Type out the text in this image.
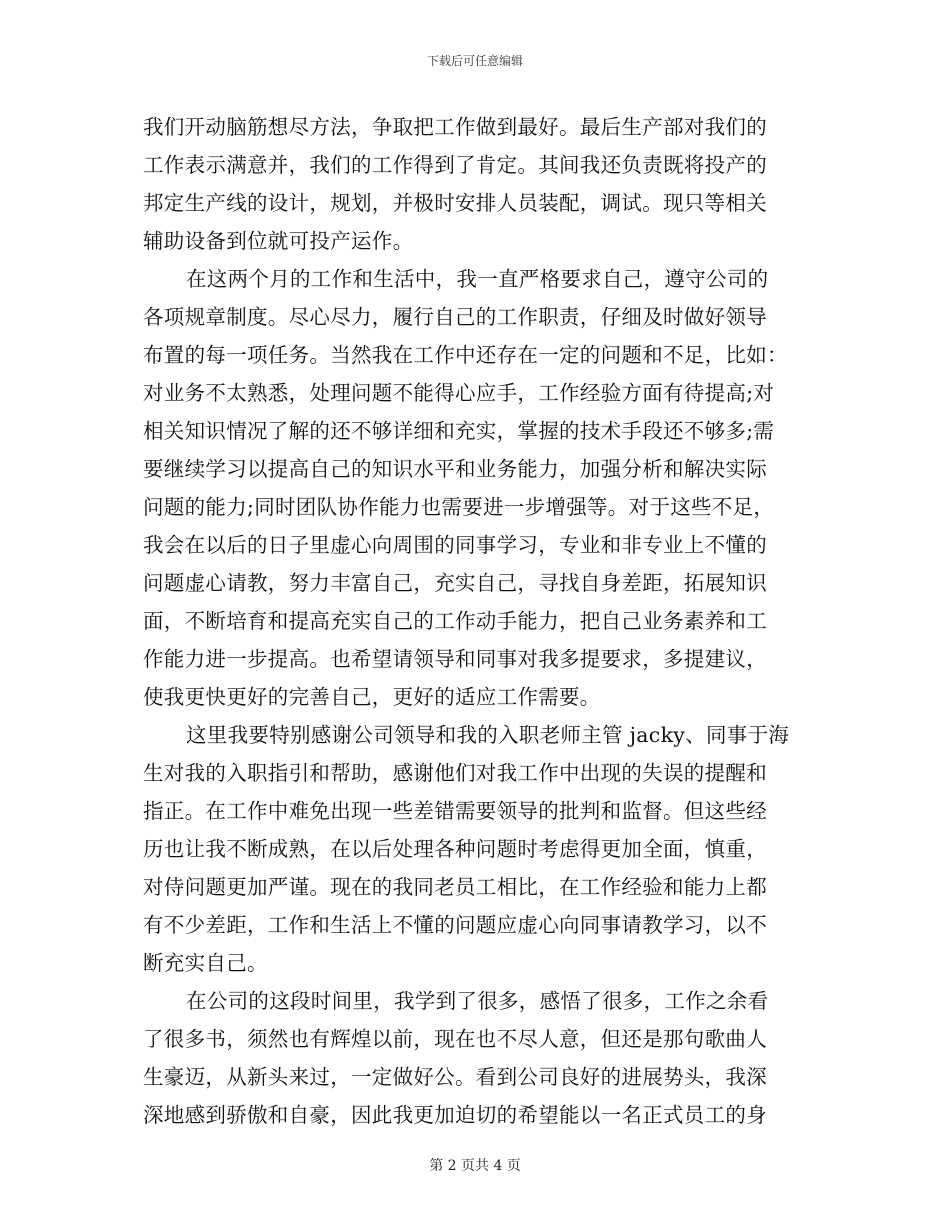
下载后可任意编辑
我们开动脑筋想尽方法，争取把工作做到最好。最后生产部对我们的
工作表示满意并，我们的工作得到了肯定。其间我还负责既将投产的
邦定生产线的设计，规划，并极时安排人员装配，调试。现只等相关
辅助设备到位就可投产运作。
在这两个月的工作和生活中，我一直严格要求自己，遵守公司的
各项规章制度。尽心尽力，履行自己的工作职责，仔细及时做好领导
布置的每一项任务。当然我在工作中还存在一定的问题和不足，比如：
对业务不太熟悉，处理问题不能得心应手，工作经验方面有待提高;对
相关知识情况了解的还不够详细和充实，掌握的技术手段还不够多;需
要继续学习以提高自己的知识水平和业务能力，加强分析和解决实际
问题的能力;同时团队协作能力也需要进一步增强等。对于这些不足，
我会在以后的日子里虚心向周围的同事学习，专业和非专业上不懂的
问题虚心请教，努力丰富自己，充实自己，寻找自身差距，拓展知识
面，不断培育和提高充实自己的工作动手能力，把自己业务素养和工
作能力进一步提高。也希望请领导和同事对我多提要求，多提建议，
使我更快更好的完善自己，更好的适应工作需要。
这里我要特别感谢公司领导和我的入职老师主管 jacky、同事于海
生对我的入职指引和帮助，感谢他们对我工作中出现的失误的提醒和
指正。在工作中难免出现一些差错需要领导的批判和监督。但这些经
历也让我不断成熟，在以后处理各种问题时考虑得更加全面，慎重，
对侍问题更加严谨。现在的我同老员工相比，在工作经验和能力上都
有不少差距，工作和生活上不懂的问题应虚心向同事请教学习，以不
断充实自己。
在公司的这段时间里，我学到了很多，感悟了很多，工作之余看
了很多书，须然也有辉煌以前，现在也不尽人意，但还是那句歌曲人
生豪迈，从新头来过，一定做好公。看到公司良好的进展势头，我深
深地感到骄傲和自豪，因此我更加迫切的希望能以一名正式员工的身
第 2 页共 4 页
